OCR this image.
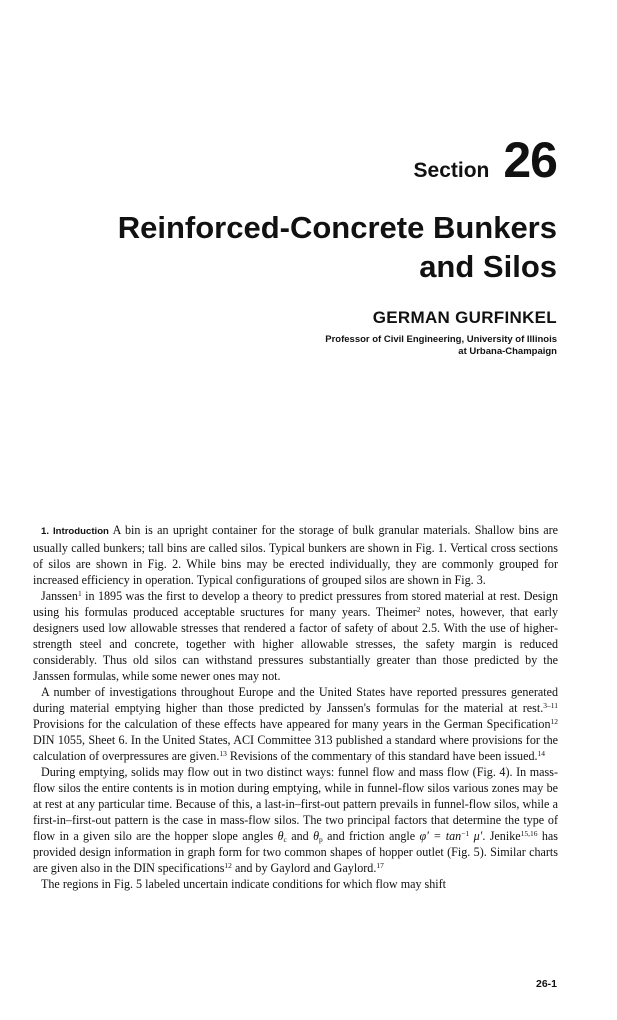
Section 26
Reinforced-Concrete Bunkers
and Silos
GERMAN GURFINKEL
Professor of Civil Engineering, University of Illinois
at Urbana-Champaign

1. Introduction A bin is an upright container for the storage of bulk granular materials. Shallow bins are usually called bunkers; tall bins are called silos. Typical bunkers are shown in Fig. 1. Vertical cross sections of silos are shown in Fig. 2. While bins may be erected individually, they are commonly grouped for increased efficiency in operation. Typical configurations of grouped silos are shown in Fig. 3.

Janssen$^1$ in 1895 was the first to develop a theory to predict pressures from stored material at rest. Design using his formulas produced acceptable sructures for many years. Theimer$^2$ notes, however, that early designers used low allowable stresses that rendered a factor of safety of about 2.5. With the use of higher-strength steel and concrete, together with higher allowable stresses, the safety margin is reduced considerably. Thus old silos can withstand pressures substantially greater than those predicted by the Janssen formulas, while some newer ones may not.

A number of investigations throughout Europe and the United States have reported pressures generated during material emptying higher than those predicted by Janssen's formulas for the material at rest.$^{3-11}$ Provisions for the calculation of these effects have appeared for many years in the German Specification$^{12}$ DIN 1055, Sheet 6. In the United States, ACI Committee 313 published a standard where provisions for the calculation of overpressures are given.$^{13}$ Revisions of the commentary of this standard have been issued.$^{14}$

During emptying, solids may flow out in two distinct ways: funnel flow and mass flow (Fig. 4). In mass-flow silos the entire contents is in motion during emptying, while in funnel-flow silos various zones may be at rest at any particular time. Because of this, a last-in–first-out pattern prevails in funnel-flow silos, while a first-in–first-out pattern is the case in mass-flow silos. The two principal factors that determine the type of flow in a given silo are the hopper slope angles $\theta_c$ and $\theta_p$ and friction angle $\varphi' = \tan^{-1} \mu'$. Jenike$^{15,16}$ has provided design information in graph form for two common shapes of hopper outlet (Fig. 5). Similar charts are given also in the DIN specifications$^{12}$ and by Gaylord and Gaylord.$^{17}$

The regions in Fig. 5 labeled uncertain indicate conditions for which flow may shift

26-1
